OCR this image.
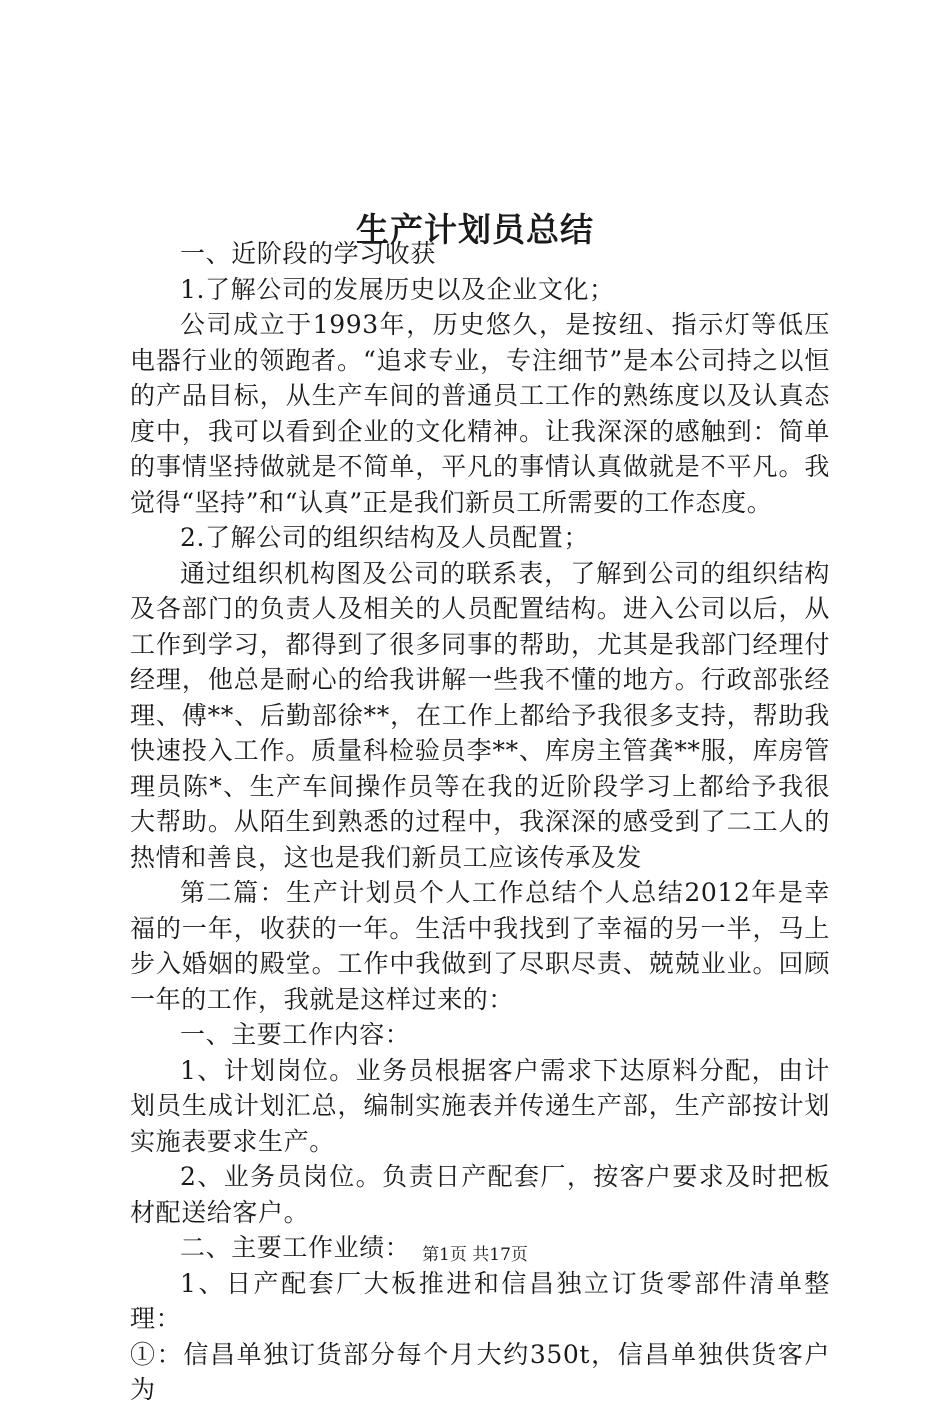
生产计划员总结

一、近阶段的学习收获

1.了解公司的发展历史以及企业文化；

公司成立于1993年，历史悠久，是按纽、指示灯等低压电器行业的领跑者。“追求专业，专注细节”是本公司持之以恒的产品目标，从生产车间的普通员工工作的熟练度以及认真态度中，我可以看到企业的文化精神。让我深深的感触到：简单的事情坚持做就是不简单，平凡的事情认真做就是不平凡。我觉得“坚持”和“认真”正是我们新员工所需要的工作态度。

2.了解公司的组织结构及人员配置；

通过组织机构图及公司的联系表，了解到公司的组织结构及各部门的负责人及相关的人员配置结构。进入公司以后，从工作到学习，都得到了很多同事的帮助，尤其是我部门经理付经理，他总是耐心的给我讲解一些我不懂的地方。行政部张经理、傅**、后勤部徐**，在工作上都给予我很多支持，帮助我快速投入工作。质量科检验员李**、库房主管龚**服，库房管理员陈*、生产车间操作员等在我的近阶段学习上都给予我很大帮助。从陌生到熟悉的过程中，我深深的感受到了二工人的热情和善良，这也是我们新员工应该传承及发

第二篇：生产计划员个人工作总结个人总结2012年是幸福的一年，收获的一年。生活中我找到了幸福的另一半，马上步入婚姻的殿堂。工作中我做到了尽职尽责、兢兢业业。回顾一年的工作，我就是这样过来的：

一、主要工作内容：

1、计划岗位。业务员根据客户需求下达原料分配，由计划员生成计划汇总，编制实施表并传递生产部，生产部按计划实施表要求生产。

2、业务员岗位。负责日产配套厂，按客户要求及时把板材配送给客户。

二、主要工作业绩：

1、日产配套厂大板推进和信昌独立订货零部件清单整理：

①：信昌单独订货部分每个月大约350t，信昌单独供货客户为

第1页 共17页
